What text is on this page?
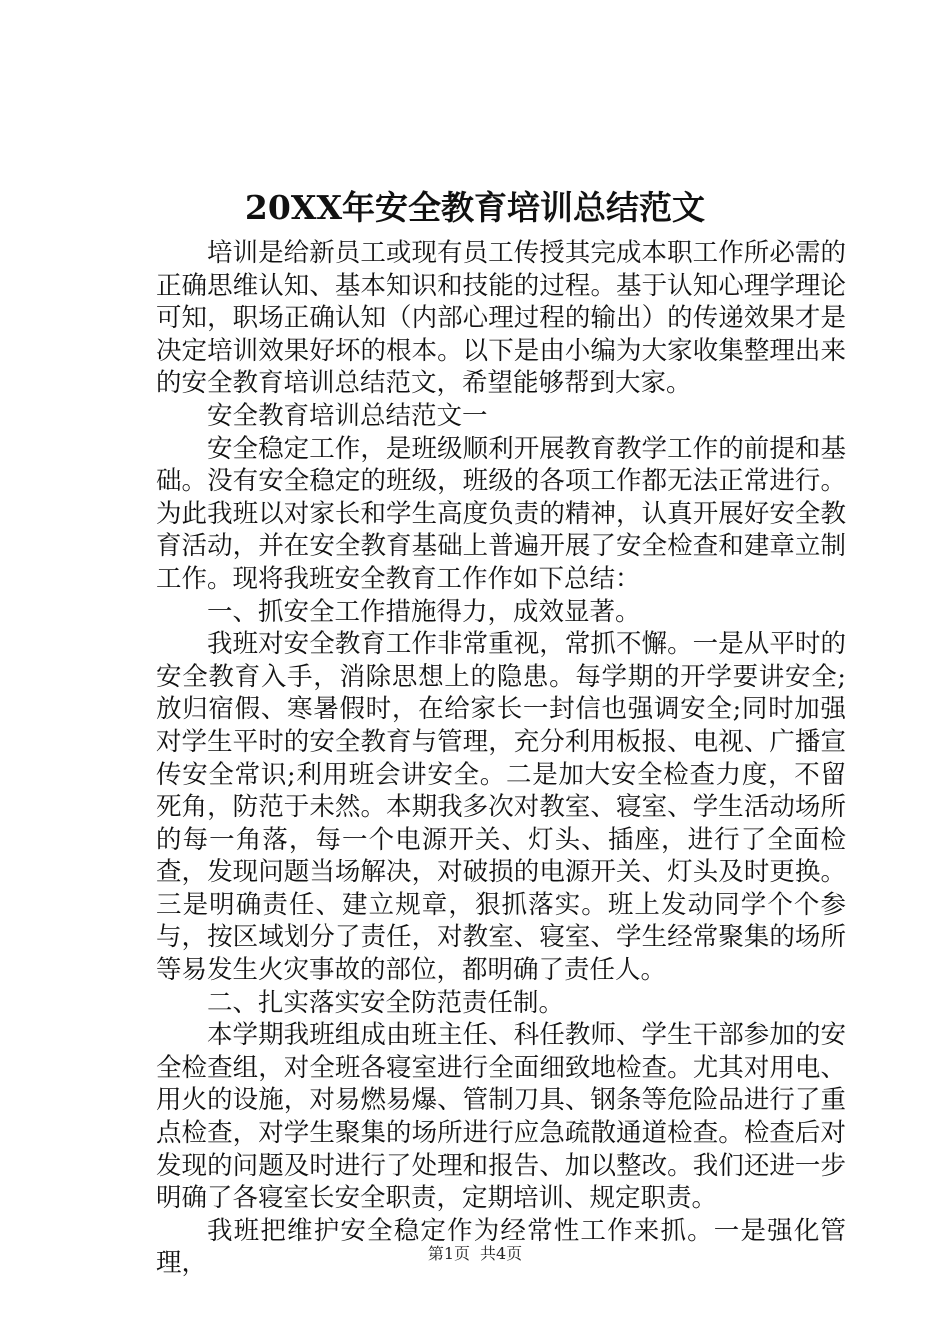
20XX年安全教育培训总结范文

培训是给新员工或现有员工传授其完成本职工作所必需的正确思维认知、基本知识和技能的过程。基于认知心理学理论可知，职场正确认知（内部心理过程的输出）的传递效果才是决定培训效果好坏的根本。以下是由小编为大家收集整理出来的安全教育培训总结范文，希望能够帮到大家。

安全教育培训总结范文一

安全稳定工作，是班级顺利开展教育教学工作的前提和基础。没有安全稳定的班级，班级的各项工作都无法正常进行。为此我班以对家长和学生高度负责的精神，认真开展好安全教育活动，并在安全教育基础上普遍开展了安全检查和建章立制工作。现将我班安全教育工作作如下总结：

一、抓安全工作措施得力，成效显著。

我班对安全教育工作非常重视，常抓不懈。一是从平时的安全教育入手，消除思想上的隐患。每学期的开学要讲安全;放归宿假、寒暑假时，在给家长一封信也强调安全;同时加强对学生平时的安全教育与管理，充分利用板报、电视、广播宣传安全常识;利用班会讲安全。二是加大安全检查力度，不留死角，防范于未然。本期我多次对教室、寝室、学生活动场所的每一角落，每一个电源开关、灯头、插座，进行了全面检查，发现问题当场解决，对破损的电源开关、灯头及时更换。三是明确责任、建立规章，狠抓落实。班上发动同学个个参与，按区域划分了责任，对教室、寝室、学生经常聚集的场所等易发生火灾事故的部位，都明确了责任人。

二、扎实落实安全防范责任制。

本学期我班组成由班主任、科任教师、学生干部参加的安全检查组，对全班各寝室进行全面细致地检查。尤其对用电、用火的设施，对易燃易爆、管制刀具、钢条等危险品进行了重点检查，对学生聚集的场所进行应急疏散通道检查。检查后对发现的问题及时进行了处理和报告、加以整改。我们还进一步明确了各寝室长安全职责，定期培训、规定职责。

我班把维护安全稳定作为经常性工作来抓。一是强化管理，	第1页 共4页
